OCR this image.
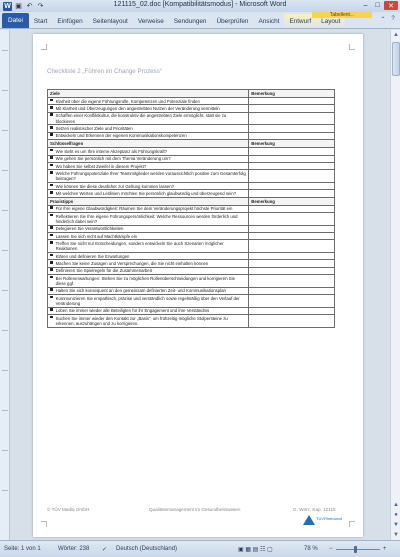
W ▣ ↶ ↷	121115_02.doc [Kompatibilitätsmodus] - Microsoft Word	–	□	✕
Datei	Start	Einfügen	Seitenlayout	Verweise	Sendungen	Überprüfen	Ansicht	Entwurf	Layout
Tabellent...
⌃ ?
▲
▲
●
▼
▼
Checkliste 2 „Führen im Change Prozess“
Ziele	Bemerkung

Klarheit über die eigene Führungsrolle, Kompetenzen und Potenziale finden	

Mit Klarheit und Überzeugungen den angestrebten Nutzen der Veränderung vermitteln	

Schaffen einer Konfliktkultur, die konstruktiv die angestrebten Ziele ermöglicht, statt sie zu blockieren	

Setzen realistischer Ziele und Prioritäten	

Entwickeln und Erkennen der eigenen Kommunikationskompetenzen	

Schlüsselfragen	Bemerkung

Wie steht es um Ihre interne Akzeptanz als Führungskraft?	

Wie gehen Sie persönlich mit dem Thema Veränderung um?	

Wo haben Sie selbst Zweifel in diesem Projekt?	

Welche Führungspotenziale Ihrer Teammitglieder werden voraussichtlich positive zum Gesamterfolg beitragen?	

Wie können Sie diese deutlicher zur Geltung kommen lassen?	

Mit welchen Werten und Leitlinien möchten Sie persönlich glaubwürdig und überzeugend sein?	

Praxistipps	Bemerkung

Für Ihre eigene Glaubwürdigkeit: Räumen Sie dem Veränderungsprojekt höchste Priorität ein	

Reflektieren Sie Ihre eigene Führungspersönlichkeit: Welche Ressourcen werden förderlich und hinderlich dabei sein?	

Delegieren Sie Verantwortlichkeiten	

Lassen Sie sich nicht auf Machtkämpfe ein	

Treffen Sie nicht nur Entscheidungen, sondern entwickeln Sie auch Szenarien möglicher Reaktionen	

Klären und definieren Sie Erwartungen	

Machen Sie keine Zusagen und Versprechungen, die Sie nicht einhalten können	

Definieren Sie Spielregeln für die Zusammenarbeit	

Bei Rollenerwartungen: Stehen Sie zu möglichen Rollenüberschneidungen und korrigieren Sie diese ggf.	

Halten Sie sich konsequent an den gemeinsam definierten Zeit- und Kommunikationsplan	

Kommunizieren Sie empathisch, präzise und verständlich sowie regelmäßig über den Verlauf der Veränderung	

Loben Sie immer wieder alle Beteiligten für ihr Engagement und ihre Verständnis	

Suchen Sie immer wieder den Kontakt zur „Basis“, um frühzeitig mögliche Stolpersteine zu erkennen, auszuhängen und zu korrigieren.	

© TÜV Media GmbH	Qualitätsmanagement im Gesundheitswesen	G. Wörz, Kap. 12115
TÜVRheinland
Seite: 1 von 1	Wörter: 238 ✓ Deutsch (Deutschland)	▣ ▦ ▤ ☷ ▢	78 % −	+
